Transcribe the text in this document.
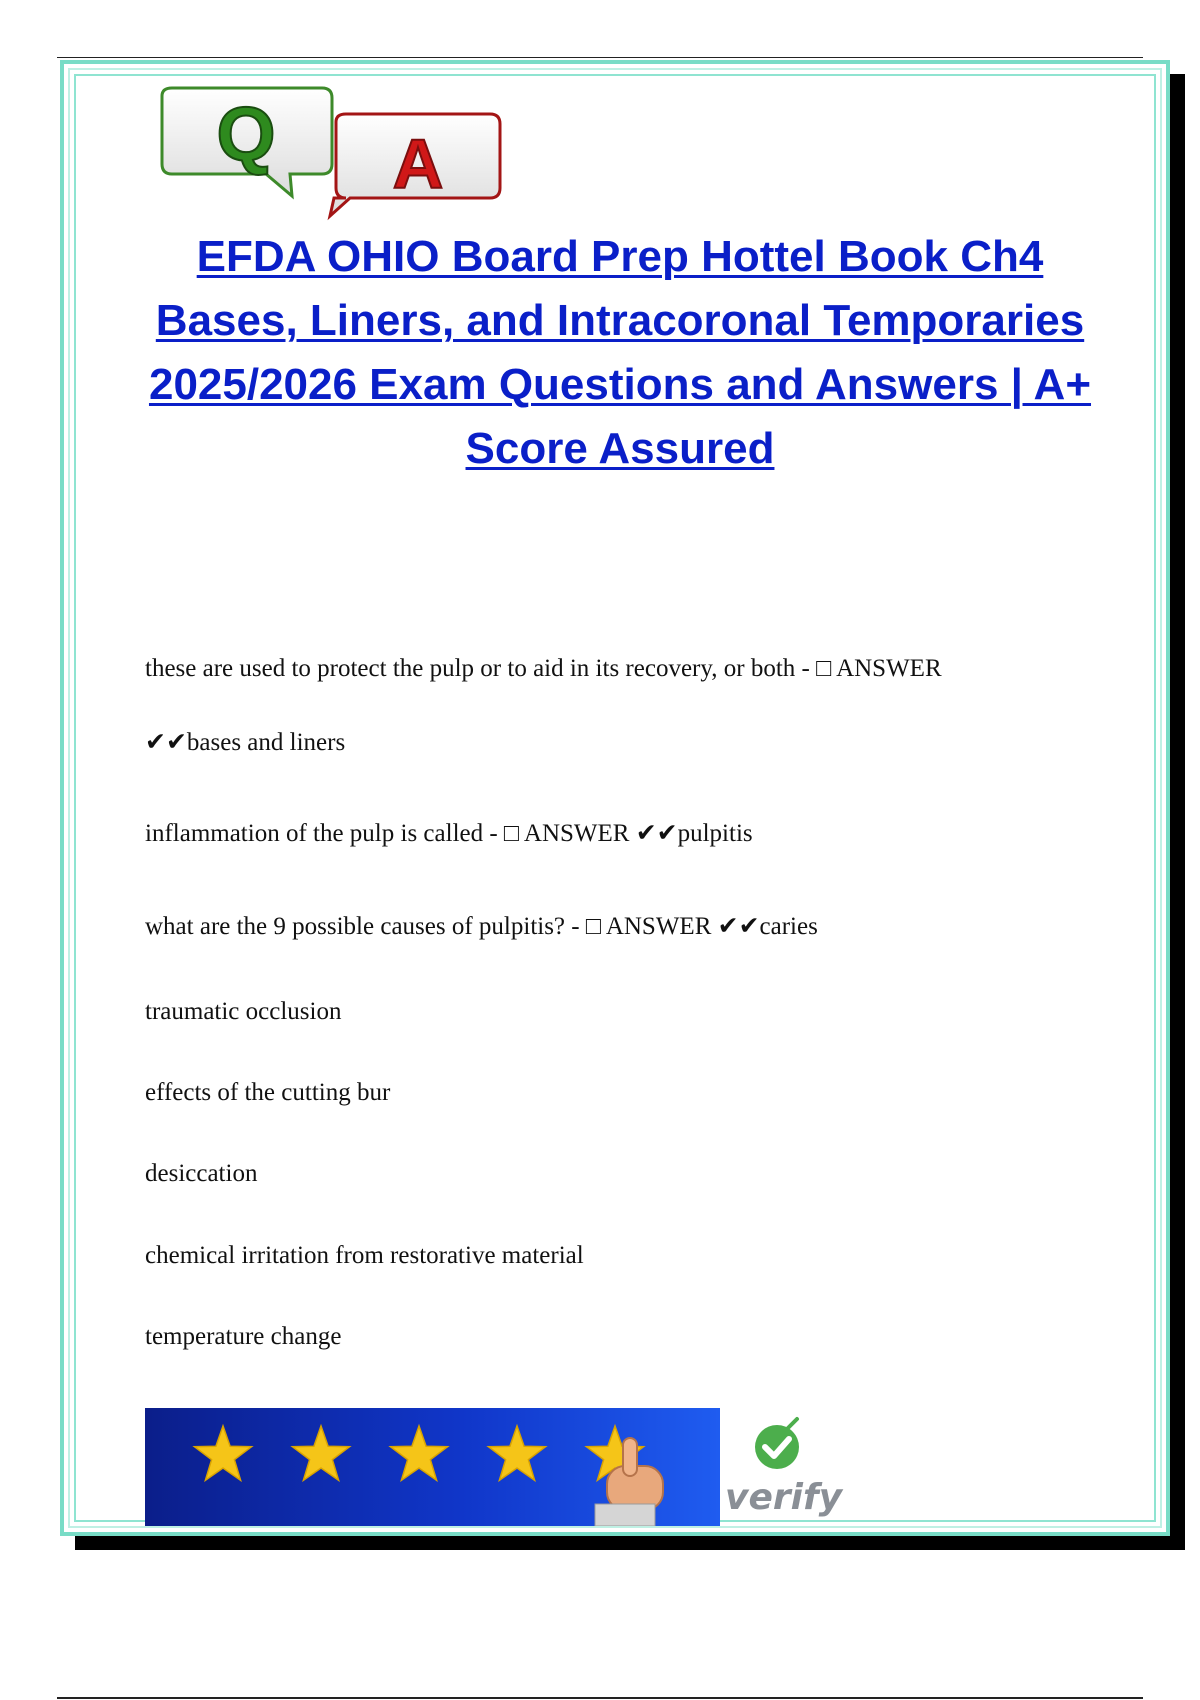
Q A
EFDA OHIO Board Prep Hottel Book Ch4 Bases, Liners, and Intracoronal Temporaries 2025/2026 Exam Questions and Answers | A+ Score Assured
these are used to protect the pulp or to aid in its recovery, or both - □ ANSWER
✔✔bases and liners
inflammation of the pulp is called - □ ANSWER ✔✔pulpitis
what are the 9 possible causes of pulpitis? - □ ANSWER ✔✔caries
traumatic occlusion
effects of the cutting bur
desiccation
chemical irritation from restorative material
temperature change
verify
